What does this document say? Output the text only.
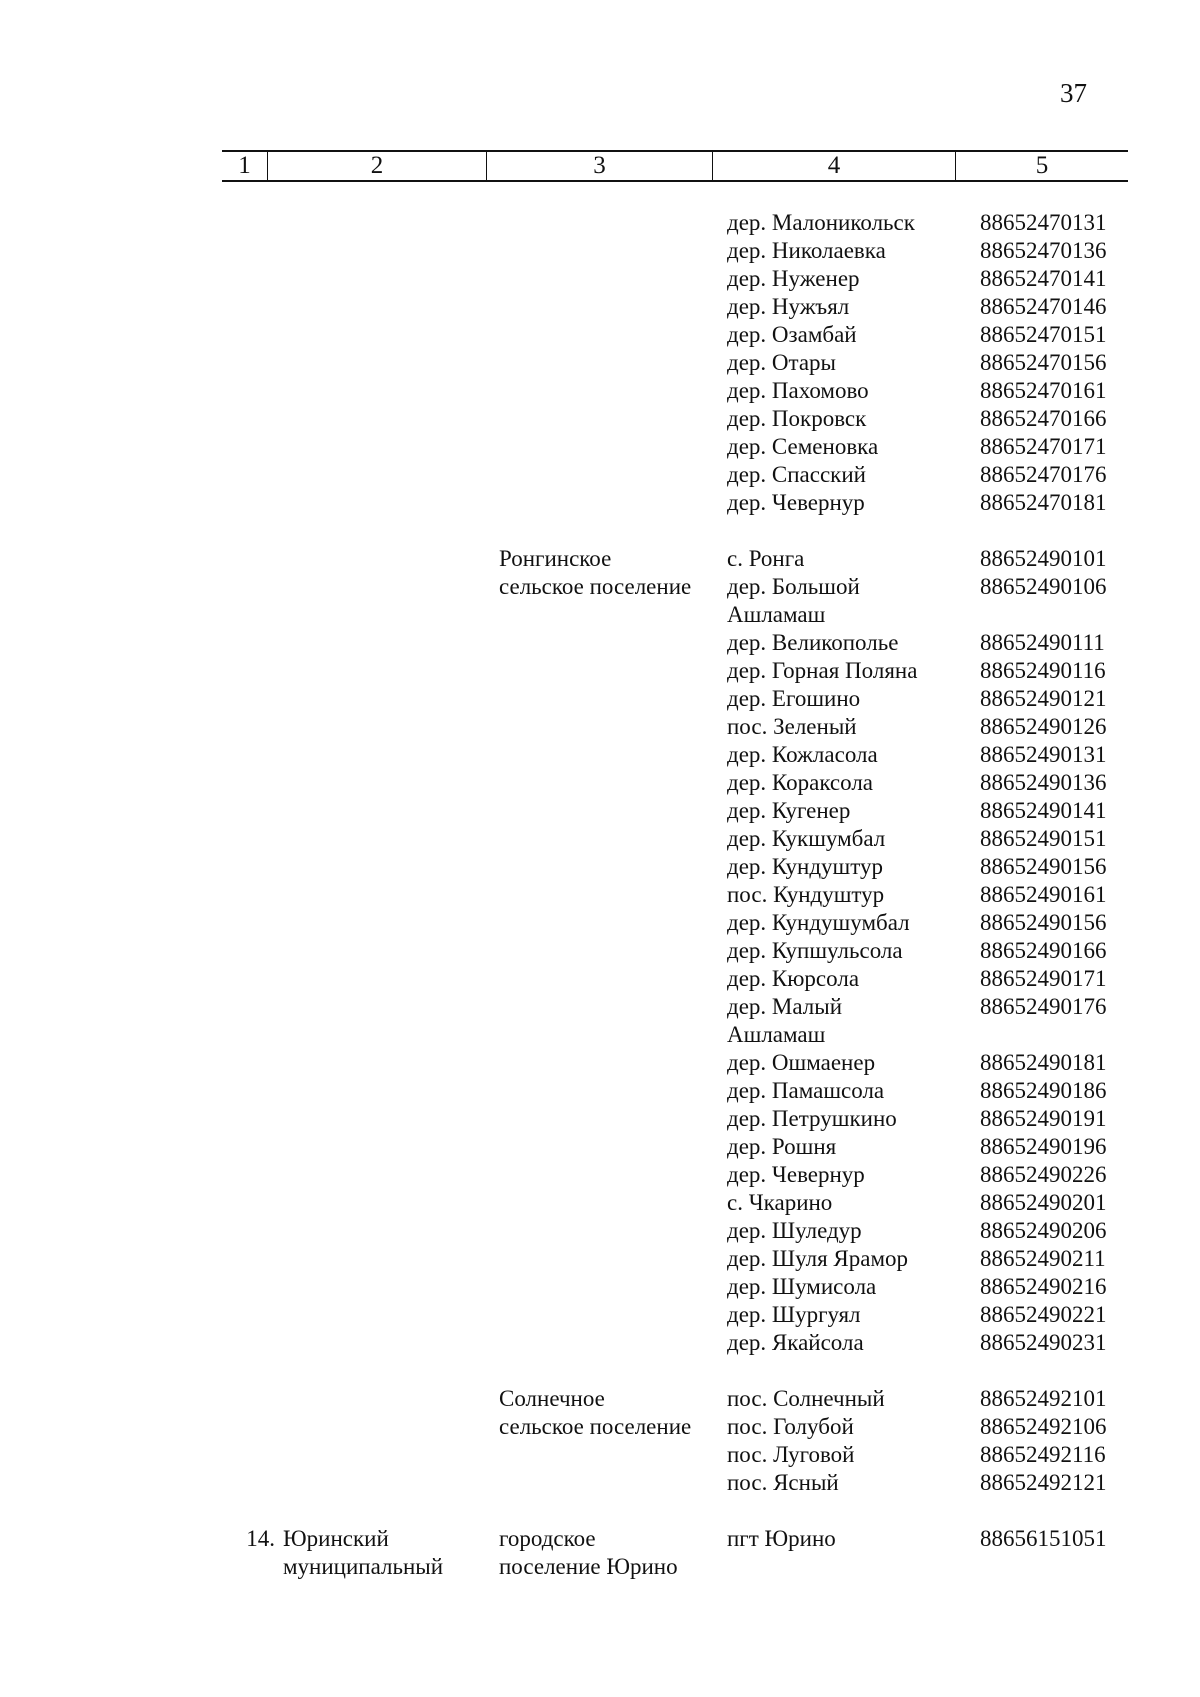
37
1	2	3	4	5
дер. Малоникольск	88652470131
дер. Николаевка	88652470136
дер. Нуженер	88652470141
дер. Нужъял	88652470146
дер. Озамбай	88652470151
дер. Отары	88652470156
дер. Пахомово	88652470161
дер. Покровск	88652470166
дер. Семеновка	88652470171
дер. Спасский	88652470176
дер. Чевернур	88652470181
Ронгинское	с. Ронга	88652490101
сельское поселение	дер. Большой	88652490106
Ашламаш
дер. Великополье	88652490111
дер. Горная Поляна	88652490116
дер. Егошино	88652490121
пос. Зеленый	88652490126
дер. Кожласола	88652490131
дер. Кораксола	88652490136
дер. Кугенер	88652490141
дер. Кукшумбал	88652490151
дер. Кундуштур	88652490156
пос. Кундуштур	88652490161
дер. Кундушумбал	88652490156
дер. Купшульсола	88652490166
дер. Кюрсола	88652490171
дер. Малый	88652490176
Ашламаш
дер. Ошмаенер	88652490181
дер. Памашсола	88652490186
дер. Петрушкино	88652490191
дер. Рошня	88652490196
дер. Чевернур	88652490226
с. Чкарино	88652490201
дер. Шуледур	88652490206
дер. Шуля Ярамор	88652490211
дер. Шумисола	88652490216
дер. Шургуял	88652490221
дер. Якайсола	88652490231
Солнечное	пос. Солнечный	88652492101
сельское поселение	пос. Голубой	88652492106
пос. Луговой	88652492116
пос. Ясный	88652492121
14. Юринский	городское	пгт Юрино	88656151051
муниципальный	поселение Юрино
